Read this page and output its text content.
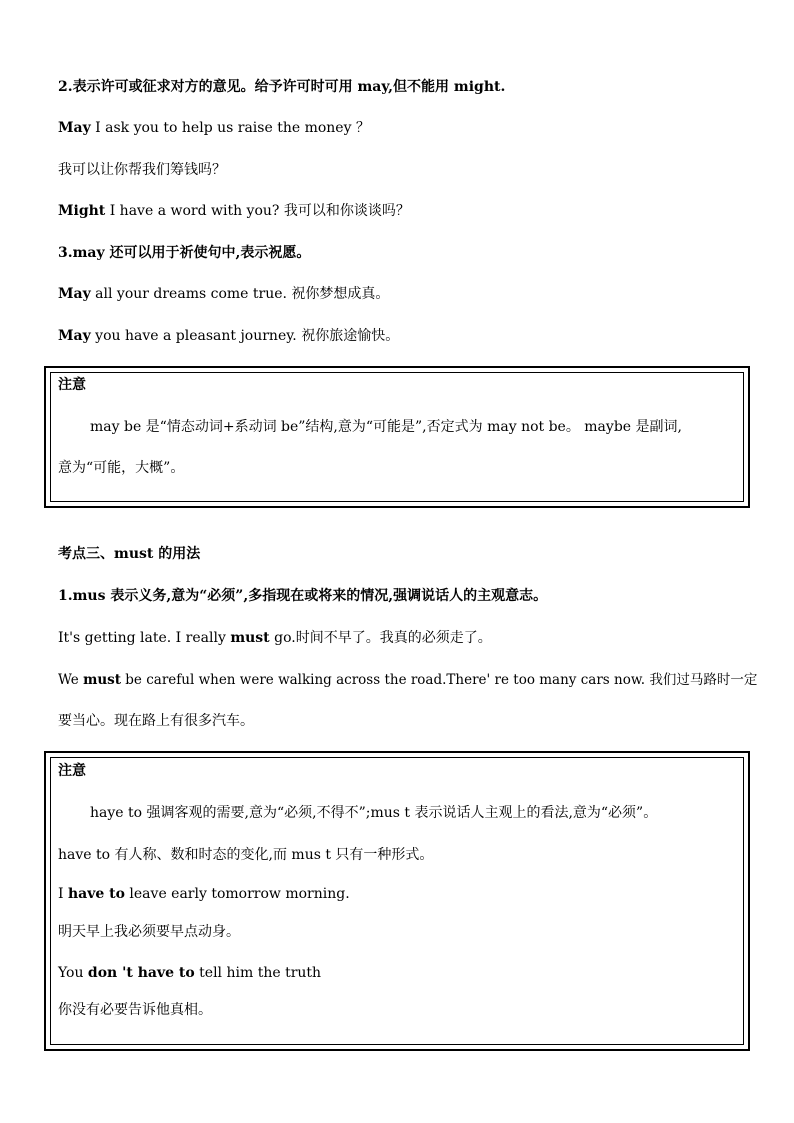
2.表示许可或征求对方的意见。给予许可时可用 may,但不能用 might.
May I ask you to help us raise the money ？
我可以让你帮我们筹钱吗？
Might I have a word with you? 我可以和你谈谈吗？
3.may 还可以用于祈使句中,表示祝愿。
May all your dreams come true. 祝你梦想成真。
May you have a pleasant journey. 祝你旅途愉快。
注意
may be 是“情态动词+系动词 be”结构,意为“可能是”,否定式为 may not be。 maybe 是副词,
意为“可能，大概”。
考点三、must 的用法
1.mus 表示义务,意为“必须”,多指现在或将来的情况,强调说话人的主观意志。
It's getting late. I really must go.时间不早了。我真的必须走了。
We must be careful when were walking across the road.There' re too many cars now. 我们过马路时一定
要当心。现在路上有很多汽车。
注意
haye to 强调客观的需要,意为“必须,不得不”;mus t 表示说话人主观上的看法,意为“必须”。
have to 有人称、数和时态的变化,而 mus t 只有一种形式。
I have to leave early tomorrow morning.
明天早上我必须要早点动身。
You don 't have to tell him the truth
你没有必要告诉他真相。
